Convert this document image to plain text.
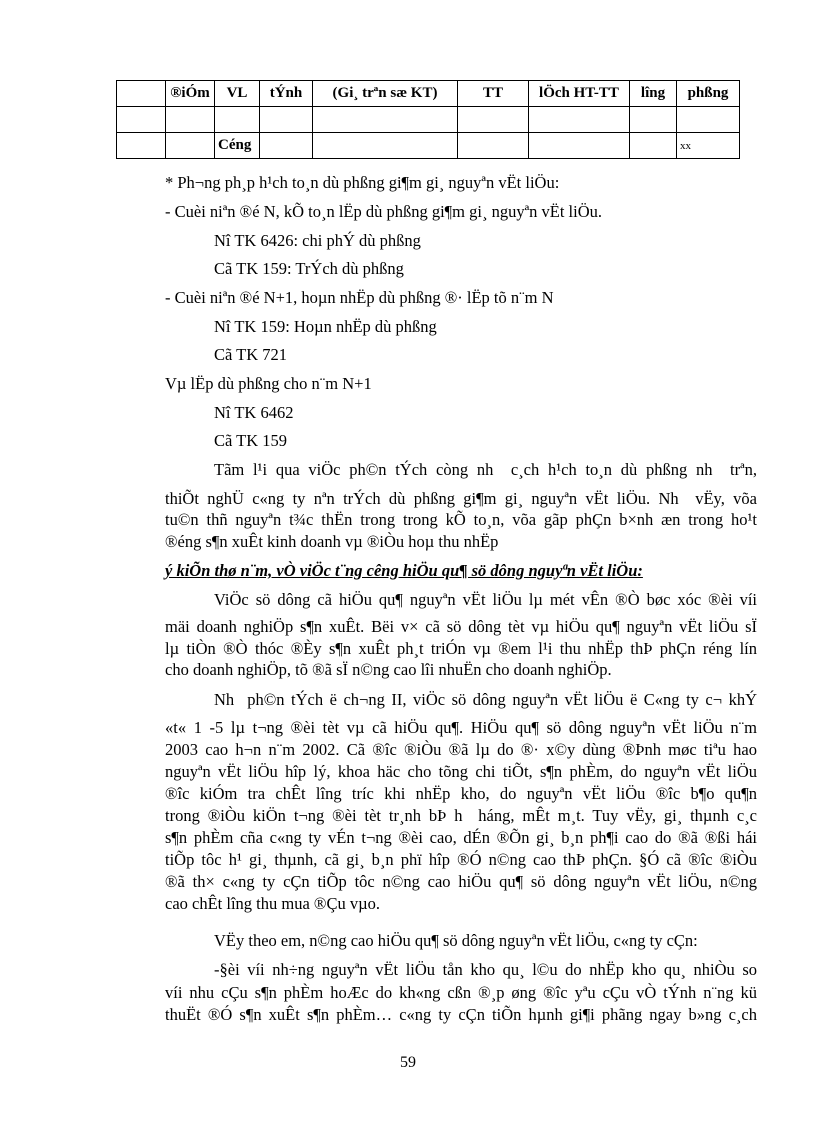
	®iÓm	VL	tÝnh	(Gi¸ trªn sæ KT)	TT	lÖch HT-TT	lîng	phßng

		Céng						xx
* Ph¬ng ph¸p h¹ch to¸n dù phßng gi¶m gi¸ nguyªn vËt liÖu:
- Cuèi niªn ®é N, kÕ to¸n lËp dù phßng gi¶m gi¸ nguyªn vËt liÖu.
Nî TK 6426: chi phÝ dù phßng
Cã TK 159: TrÝch dù phßng
- Cuèi niªn ®é N+1, hoµn nhËp dù phßng ®· lËp tõ n¨m N
Nî TK 159: Hoµn nhËp dù phßng
Cã TK 721
Vµ lËp dù phßng cho n¨m N+1
Nî TK 6462
Cã TK 159
Tãm l¹i qua viÖc ph©n tÝch còng nh  c¸ch h¹ch to¸n dù phßng nh  trªn,
thiÕt nghÜ c«ng ty nªn trÝch dù phßng gi¶m gi¸ nguyªn vËt liÖu. Nh  vËy, võa
tu©n thñ nguyªn t¾c thËn trong trong kÕ to¸n, võa gãp phÇn b×nh æn trong ho¹t
®éng s¶n xuÊt kinh doanh vµ ®iÒu hoµ thu nhËp
ý kiÕn thø n¨m, vÒ viÖc t¨ng cêng hiÖu qu¶ sö dông nguyªn vËt liÖu:
ViÖc sö dông cã hiÖu qu¶ nguyªn vËt liÖu lµ mét vÊn ®Ò bøc xóc ®èi víi
mäi doanh nghiÖp s¶n xuÊt. Bëi v× cã sö dông tèt vµ hiÖu qu¶ nguyªn vËt liÖu sÏ
lµ tiÒn ®Ò thóc ®Èy s¶n xuÊt ph¸t triÓn vµ ®em l¹i thu nhËp thÞ phÇn réng lín
cho doanh nghiÖp, tõ ®ã sÏ n©ng cao lîi nhuËn cho doanh nghiÖp.
Nh  ph©n tÝch ë ch¬ng II, viÖc sö dông nguyªn vËt liÖu ë C«ng ty c¬ khÝ
«t« 1 -5 lµ t¬ng ®èi tèt vµ cã hiÖu qu¶. HiÖu qu¶ sö dông nguyªn vËt liÖu n¨m
2003 cao h¬n n¨m 2002. Cã ®îc ®iÒu ®ã lµ do ®· x©y dùng ®Þnh møc tiªu hao
nguyªn vËt liÖu hîp lý, khoa häc cho tõng chi tiÕt, s¶n phÈm, do nguyªn vËt liÖu
®îc kiÓm tra chÊt lîng tríc khi nhËp kho, do nguyªn vËt liÖu ®îc b¶o qu¶n
trong ®iÒu kiÖn t¬ng ®èi tèt tr¸nh bÞ h  háng, mÊt m¸t. Tuy vËy, gi¸ thµnh c¸c
s¶n phÈm cña c«ng ty vÉn t¬ng ®èi cao, dÉn ®Õn gi¸ b¸n ph¶i cao do ®ã ®ßi hái
tiÕp tôc h¹ gi¸ thµnh, cã gi¸ b¸n phï hîp ®Ó n©ng cao thÞ phÇn. §Ó cã ®îc ®iÒu
®ã th× c«ng ty cÇn tiÕp tôc n©ng cao hiÖu qu¶ sö dông nguyªn vËt liÖu, n©ng
cao chÊt lîng thu mua ®Çu vµo.
VËy theo em, n©ng cao hiÖu qu¶ sö dông nguyªn vËt liÖu, c«ng ty cÇn:
-§èi víi nh÷ng nguyªn vËt liÖu tån kho qu¸ l©u do nhËp kho qu¸ nhiÒu so
víi nhu cÇu s¶n phÈm hoÆc do kh«ng cßn ®¸p øng ®îc yªu cÇu vÒ tÝnh n¨ng kü
thuËt ®Ó s¶n xuÊt s¶n phÈm… c«ng ty cÇn tiÕn hµnh gi¶i phãng ngay b»ng c¸ch
59
